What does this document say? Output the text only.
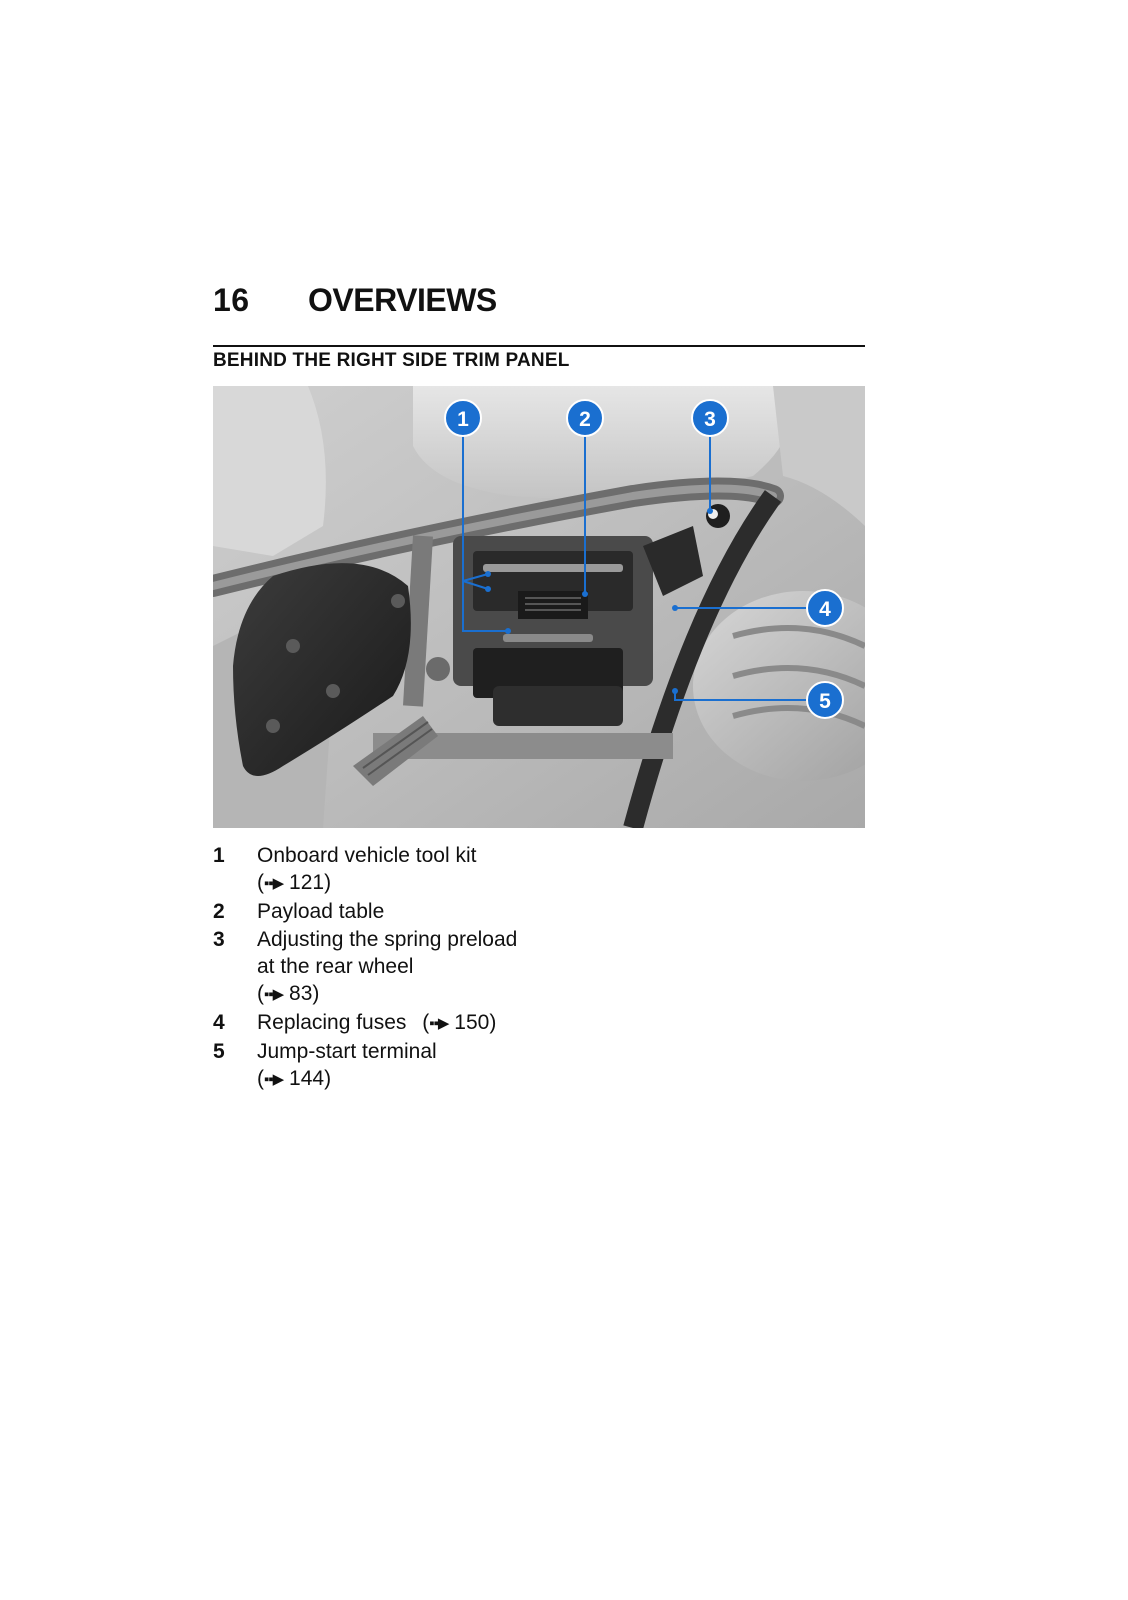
16 OVERVIEWS
BEHIND THE RIGHT SIDE TRIM PANEL
1	2	3
4
5
1 Onboard vehicle tool kit
(▪▪▶ 121)
2 Payload table
3 Adjusting the spring preload at the rear wheel
(▪▪▶ 83)
4 Replacing fuses (▪▪▶ 150)
5 Jump-start terminal
(▪▪▶ 144)
